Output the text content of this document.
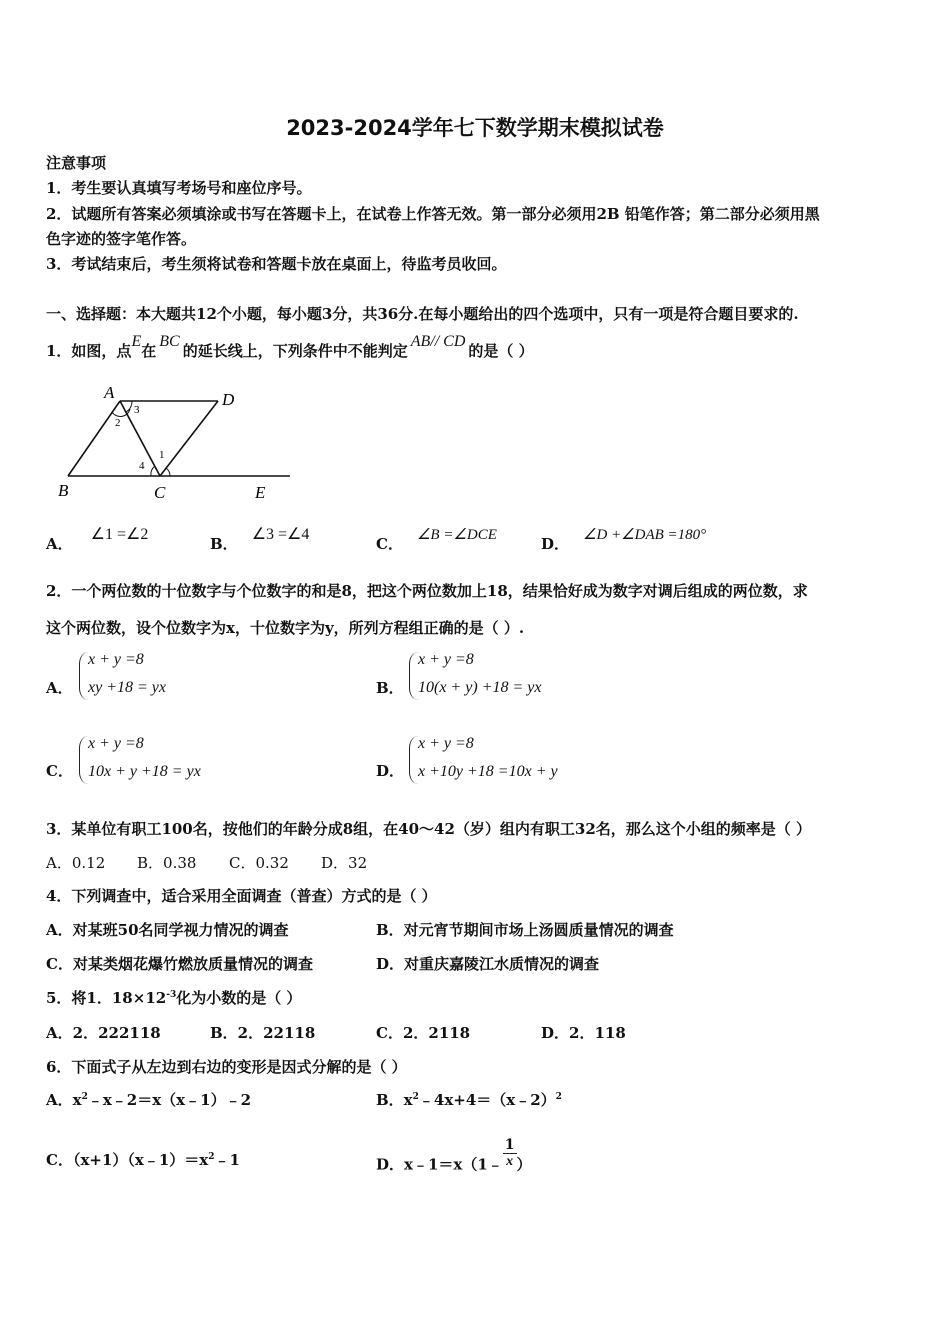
2023-2024学年七下数学期末模拟试卷
注意事项
1．考生要认真填写考场号和座位序号。
2．试题所有答案必须填涂或书写在答题卡上，在试卷上作答无效。第一部分必须用2B 铅笔作答；第二部分必须用黑
色字迹的签字笔作答。
3．考试结束后，考生须将试卷和答题卡放在桌面上，待监考员收回。
一、选择题：本大题共12个小题，每小题3分，共36分.在每小题给出的四个选项中，只有一项是符合题目要求的.
1．如图，点E在BC的延长线上，下列条件中不能判定AB// CD的是（ ）
A	D
B	C	E
1
2
3
4
A．∠1 =∠2
B．∠3 =∠4
C． ∠B =∠DCE	D． ∠D +∠DAB =180°
2．一个两位数的十位数字与个位数字的和是8，把这个两位数加上18，结果恰好成为数字对调后组成的两位数，求
这个两位数，设个位数字为x，十位数字为y，所列方程组正确的是（ ）.
A．
x + y =8
xy +18 = yx	B．
x + y =8
10(x + y) +18 = yx
C．
x + y =8
10x + y +18 = yx	D．
x + y =8
x +10y +18 =10x + y
3．某单位有职工100名，按他们的年龄分成8组，在40～42（岁）组内有职工32名，那么这个小组的频率是（ ）
A．0.12 B．0.38 C．0.32 D．32
4．下列调查中，适合采用全面调查（普查）方式的是（ ）
A．对某班50名同学视力情况的调查	B．对元宵节期间市场上汤圆质量情况的调查
C．对某类烟花爆竹燃放质量情况的调查	D．对重庆嘉陵江水质情况的调查
5．将1．$18\times 12^{-3}$化为小数的是（ ）
A．2．222118	B．2．22118	C．2．2118	D．2．118
6．下面式子从左边到右边的变形是因式分解的是（ ）
A．$x^2﹣x﹣2=x(x﹣1)﹣2$	B．$x^2﹣4x+4=(x﹣2)^2$
C．$(x+1)(x﹣1)=x^2﹣1$	D．x﹣1＝x（1﹣ $\frac{1}{x}$ ）
